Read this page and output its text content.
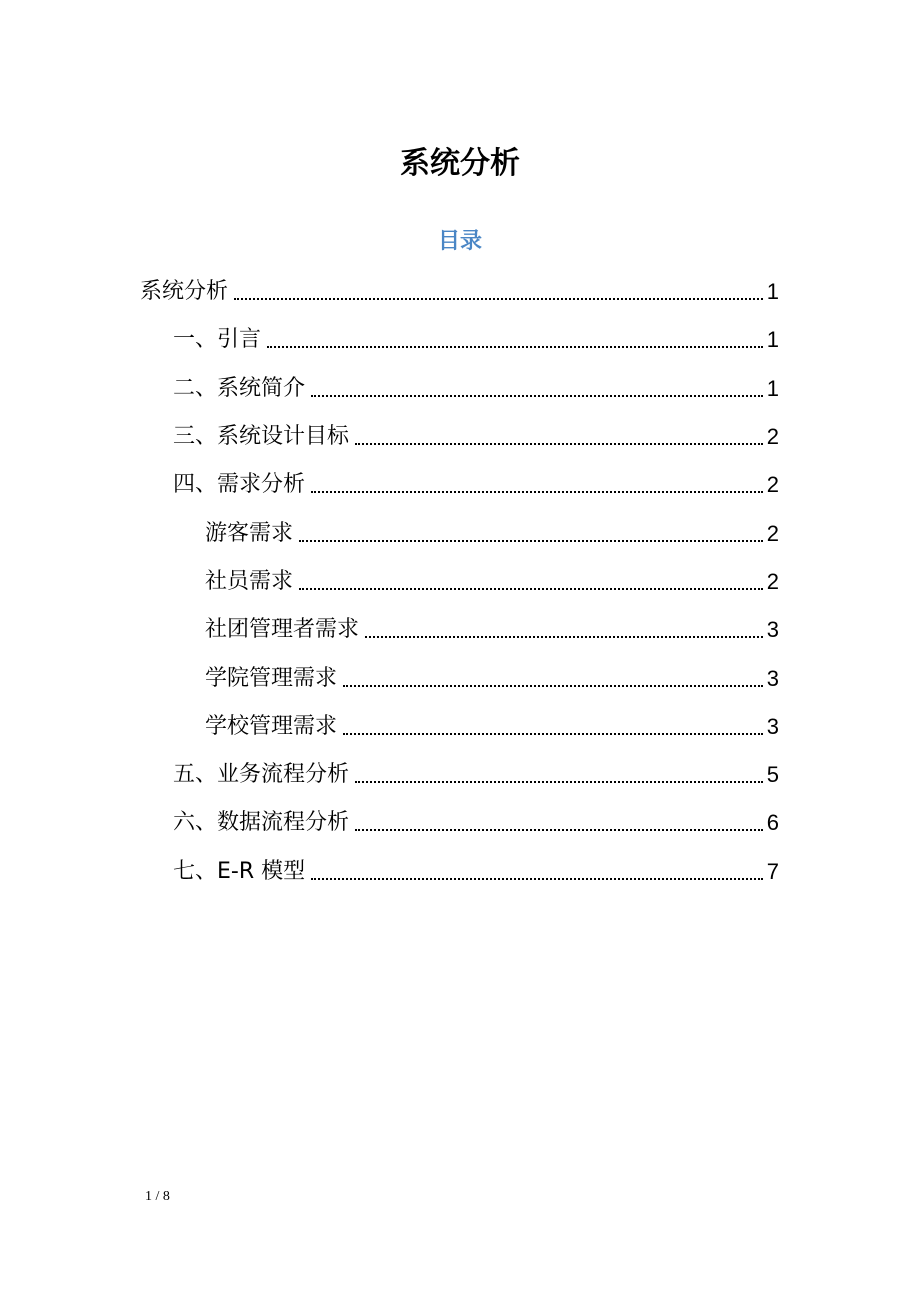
系统分析
目录
系统分析	1
一、引言	1
二、系统简介	1
三、系统设计目标	2
四、需求分析	2
游客需求	2
社员需求	2
社团管理者需求	3
学院管理需求	3
学校管理需求	3
五、业务流程分析	5
六、数据流程分析	6
七、E-R 模型	7
1 / 8
